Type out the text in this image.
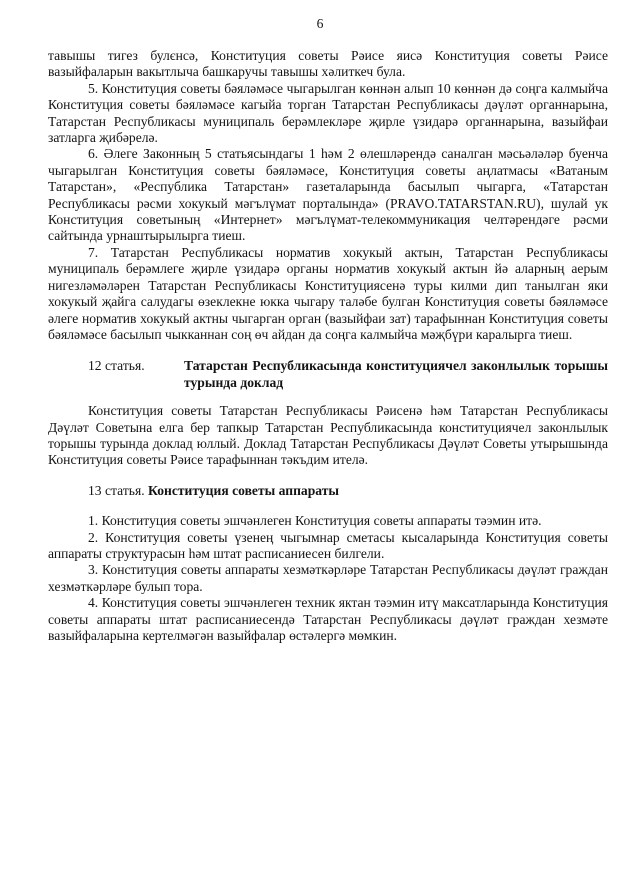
6

тавышы тигез булєнсә, Конституция советы Рәисе яисә Конституция советы Рәисе вазыйфаларын вакытлыча башкаручы тавышы хәлиткеч була.

5. Конституция советы бәяләмәсе чыгарылган көннән алып 10 көннән дә соңга калмыйча Конституция советы бәяләмәсе кагыйа торган Татарстан Республикасы дәүләт органнарына, Татарстан Республикасы муниципаль берәмлекләре җирле үзидарә органнарына, вазыйфаи затларга җибәрелә.

6. Әлеге Законның 5 статьясындагы 1 һәм 2 өлешләрендә саналган мәсьәләләр буенча чыгарылган Конституция советы бәяләмәсе, Конституция советы аңлатмасы «Ватаным Татарстан», «Республика Татарстан» газеталарында басылып чыгарга, «Татарстан Республикасы рәсми хокукый мәгълүмат порталында» (PRAVO.TATARSTAN.RU), шулай ук Конституция советының «Интернет» мәгълүмат-телекоммуникация челтәрендәге рәсми сайтында урнаштырылырга тиеш.

7. Татарстан Республикасы норматив хокукый актын, Татарстан Республикасы муниципаль берәмлеге җирле үзидарә органы норматив хокукый актын йә аларның аерым нигезләмәләрен Татарстан Республикасы Конституциясенә туры килми дип танылган яки хокукый җайга салудагы өзеклекне юкка чыгару таләбе булган Конституция советы бәяләмәсе әлеге норматив хокукый актны чыгарган орган (вазыйфаи зат) тарафыннан Конституция советы бәяләмәсе басылып чыкканнан соң өч айдан да соңга калмыйча мәҗбүри каралырга тиеш.

12 статья.	Татарстан Республикасында конституциячел законлылык торышы турында доклад

Конституция советы Татарстан Республикасы Рәисенә һәм Татарстан Республикасы Дәүләт Советына елга бер тапкыр Татарстан Республикасында конституциячел законлылык торышы турында доклад юллый. Доклад Татарстан Республикасы Дәүләт Советы утырышында Конституция советы Рәисе тарафыннан тәкъдим ителә.

13 статья. Конституция советы аппараты

1. Конституция советы эшчәнлеген Конституция советы аппараты тәэмин итә.

2. Конституция советы үзенең чыгымнар сметасы кысаларында Конституция советы аппараты структурасын һәм штат расписаниесен билгели.

3. Конституция советы аппараты хезмәткәрләре Татарстан Республикасы дәүләт граждан хезмәткәрләре булып тора.

4. Конституция советы эшчәнлеген техник яктан тәэмин итү максатларында Конституция советы аппараты штат расписаниесендә Татарстан Республикасы дәүләт граждан хезмәте вазыйфаларына кертелмәгән вазыйфалар өстәлергә мөмкин.
